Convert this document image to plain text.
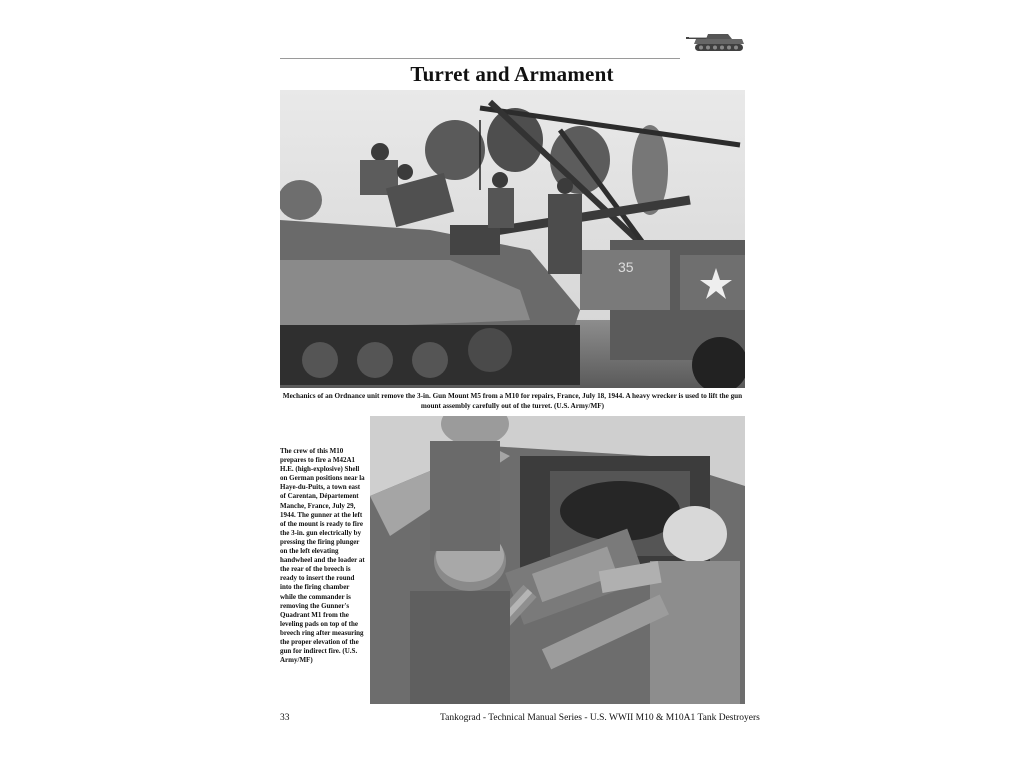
Turret and Armament
35
Mechanics of an Ordnance unit remove the 3-in. Gun Mount M5 from a M10 for repairs, France, July 18, 1944. A heavy wrecker is used to lift the gun mount assembly carefully out of the turret. (U.S. Army/MF)
The crew of this M10 prepares to fire a M42A1 H.E. (high-explosive) Shell on German positions near la Haye-du-Puits, a town east of Carentan, Département Manche, France, July 29, 1944. The gunner at the left of the mount is ready to fire the 3-in. gun electrically by pressing the firing plunger on the left elevating handwheel and the loader at the rear of the breech is ready to insert the round into the firing chamber while the commander is removing the Gunner's Quadrant M1 from the leveling pads on top of the breech ring after measuring the proper elevation of the gun for indirect fire. (U.S. Army/MF)
33	Tankograd - Technical Manual Series - U.S. WWII M10 & M10A1 Tank Destroyers
